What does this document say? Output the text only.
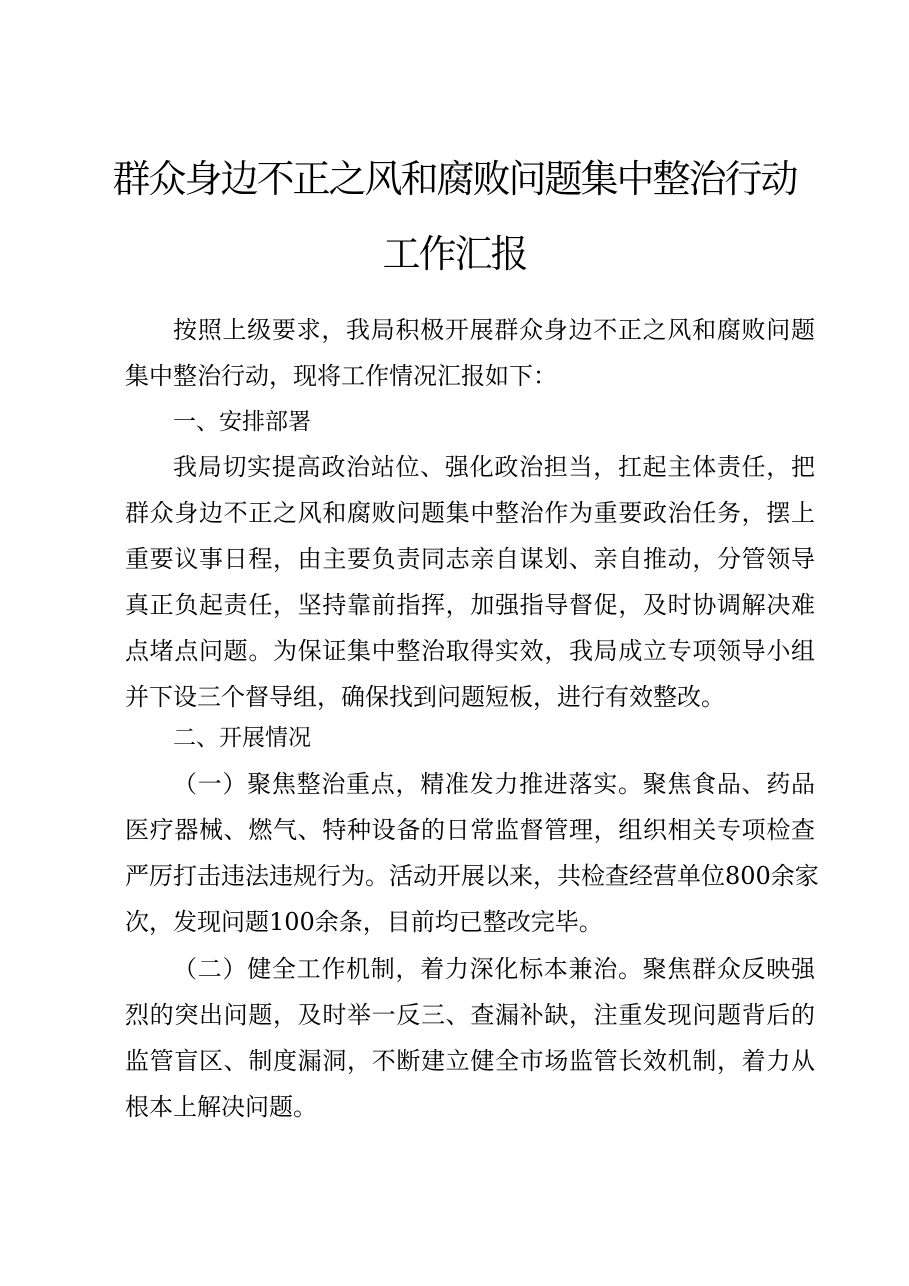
群众身边不正之风和腐败问题集中整治行动
工作汇报
按照上级要求，我局积极开展群众身边不正之风和腐败问题
集中整治行动，现将工作情况汇报如下：
一、安排部署
我局切实提高政治站位、强化政治担当，扛起主体责任，把
群众身边不正之风和腐败问题集中整治作为重要政治任务，摆上
重要议事日程，由主要负责同志亲自谋划、亲自推动，分管领导
真正负起责任，坚持靠前指挥，加强指导督促，及时协调解决难
点堵点问题。为保证集中整治取得实效，我局成立专项领导小组
并下设三个督导组，确保找到问题短板，进行有效整改。
二、开展情况
（一）聚焦整治重点，精准发力推进落实。聚焦食品、药品
医疗器械、燃气、特种设备的日常监督管理，组织相关专项检查
严厉打击违法违规行为。活动开展以来，共检查经营单位800余家
次，发现问题100余条，目前均已整改完毕。
（二）健全工作机制，着力深化标本兼治。聚焦群众反映强
烈的突出问题，及时举一反三、查漏补缺，注重发现问题背后的
监管盲区、制度漏洞，不断建立健全市场监管长效机制，着力从
根本上解决问题。
